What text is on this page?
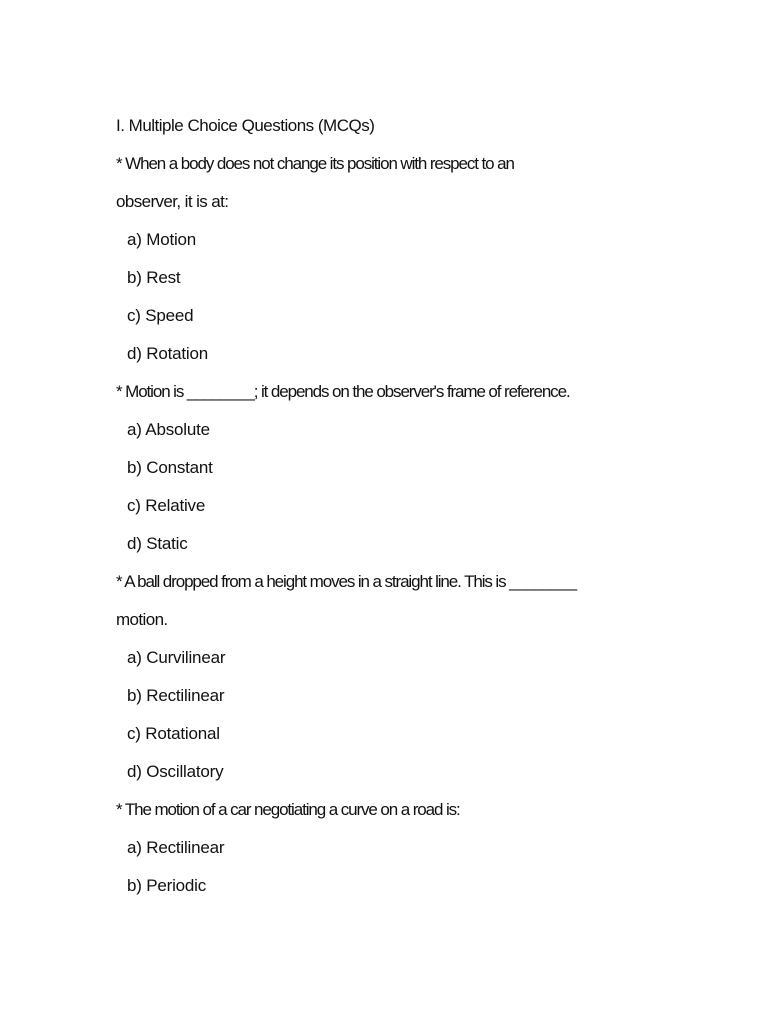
I. Multiple Choice Questions (MCQs)
* When a body does not change its position with respect to an
observer, it is at:
a) Motion
b) Rest
c) Speed
d) Rotation
* Motion is ________; it depends on the observer's frame of reference.
a) Absolute
b) Constant
c) Relative
d) Static
* A ball dropped from a height moves in a straight line. This is ________
motion.
a) Curvilinear
b) Rectilinear
c) Rotational
d) Oscillatory
* The motion of a car negotiating a curve on a road is:
a) Rectilinear
b) Periodic
